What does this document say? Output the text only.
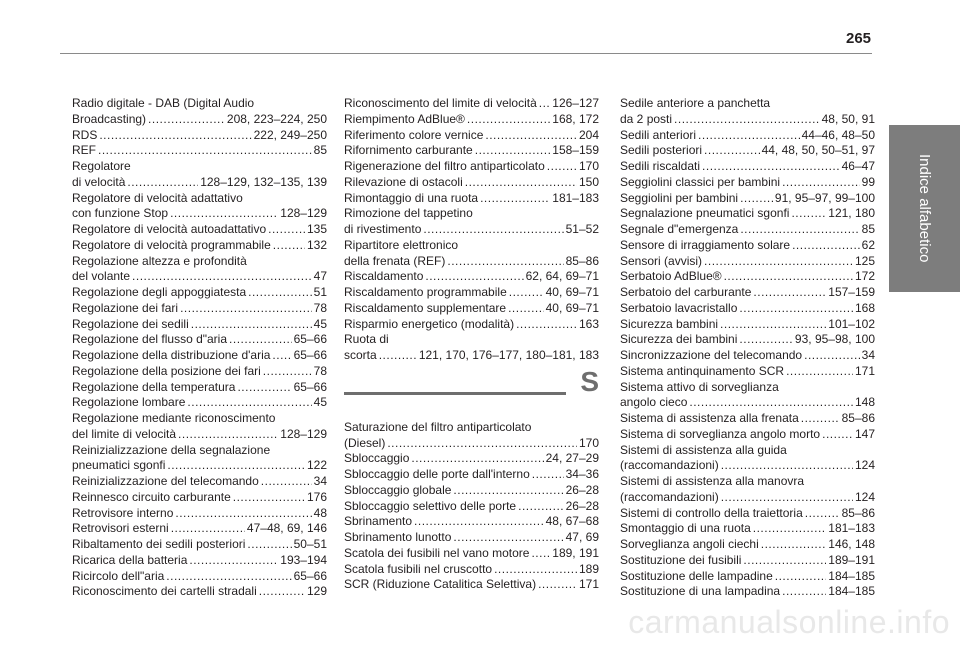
265
Indice alfabetico
Radio digitale - DAB (Digital Audio
Broadcasting) .....	208, 223–224, 250
RDS .....	222, 249–250
REF .....	85
Regolatore
di velocità .....	128–129, 132–135, 139
Regolatore di velocità adattativo
con funzione Stop .....	128–129
Regolatore di velocità autoadattativo .....	135
Regolatore di velocità programmabile .....	132
Regolazione altezza e profondità
del volante .....	47
Regolazione degli appoggiatesta .....	51
Regolazione dei fari .....	78
Regolazione dei sedili .....	45
Regolazione del flusso d"aria .....	65–66
Regolazione della distribuzione d'aria ..... 65–66
Regolazione della posizione dei fari .....	78
Regolazione della temperatura .....	65–66
Regolazione lombare .....	45
Regolazione mediante riconoscimento
del limite di velocità .....	128–129
Reinizializzazione della segnalazione
pneumatici sgonfi .....	122
Reinizializzazione del telecomando .....	34
Reinnesco circuito carburante .....	176
Retrovisore interno .....	48
Retrovisori esterni .....	47–48, 69, 146
Ribaltamento dei sedili posteriori .....	50–51
Ricarica della batteria .....	193–194
Ricircolo dell"aria .....	65–66
Riconoscimento dei cartelli stradali .....	129
Riconoscimento del limite di velocità ..... 126–127
Riempimento AdBlue® .....	168, 172
Riferimento colore vernice .....	204
Rifornimento carburante .....	158–159
Rigenerazione del filtro antiparticolato .....	170
Rilevazione di ostacoli .....	150
Rimontaggio di una ruota .....	181–183
Rimozione del tappetino
di rivestimento .....	51–52
Ripartitore elettronico
della frenata (REF) .....	85–86
Riscaldamento .....	62, 64, 69–71
Riscaldamento programmabile .....	40, 69–71
Riscaldamento supplementare .....	40, 69–71
Risparmio energetico (modalità) .....	163
Ruota di
scorta .....	121, 170, 176–177, 180–181, 183
S
Saturazione del filtro antiparticolato
(Diesel) .....	170
Sbloccaggio .....	24, 27–29
Sbloccaggio delle porte dall'interno .....	34–36
Sbloccaggio globale .....	26–28
Sbloccaggio selettivo delle porte .....	26–28
Sbrinamento .....	48, 67–68
Sbrinamento lunotto .....	47, 69
Scatola dei fusibili nel vano motore ..... 189, 191
Scatola fusibili nel cruscotto .....	189
SCR (Riduzione Catalitica Selettiva) .....	171
Sedile anteriore a panchetta
da 2 posti .....	48, 50, 91
Sedili anteriori .....	44–46, 48–50
Sedili posteriori .....	44, 48, 50, 50–51, 97
Sedili riscaldati .....	46–47
Seggiolini classici per bambini .....	99
Seggiolini per bambini .....	91, 95–97, 99–100
Segnalazione pneumatici sgonfi .....	121, 180
Segnale d"emergenza .....	85
Sensore di irraggiamento solare .....	62
Sensori (avvisi) .....	125
Serbatoio AdBlue® .....	172
Serbatoio del carburante .....	157–159
Serbatoio lavacristallo .....	168
Sicurezza bambini .....	101–102
Sicurezza dei bambini .....	93, 95–98, 100
Sincronizzazione del telecomando .....	34
Sistema antinquinamento SCR .....	171
Sistema attivo di sorveglianza
angolo cieco .....	148
Sistema di assistenza alla frenata .....	85–86
Sistema di sorveglianza angolo morto .....	147
Sistemi di assistenza alla guida
(raccomandazioni) .....	124
Sistemi di assistenza alla manovra
(raccomandazioni) .....	124
Sistemi di controllo della traiettoria .....	85–86
Smontaggio di una ruota .....	181–183
Sorveglianza angoli ciechi .....	146, 148
Sostituzione dei fusibili .....	189–191
Sostituzione delle lampadine .....	184–185
Sostituzione di una lampadina .....	184–185
carmanualsonline.info
